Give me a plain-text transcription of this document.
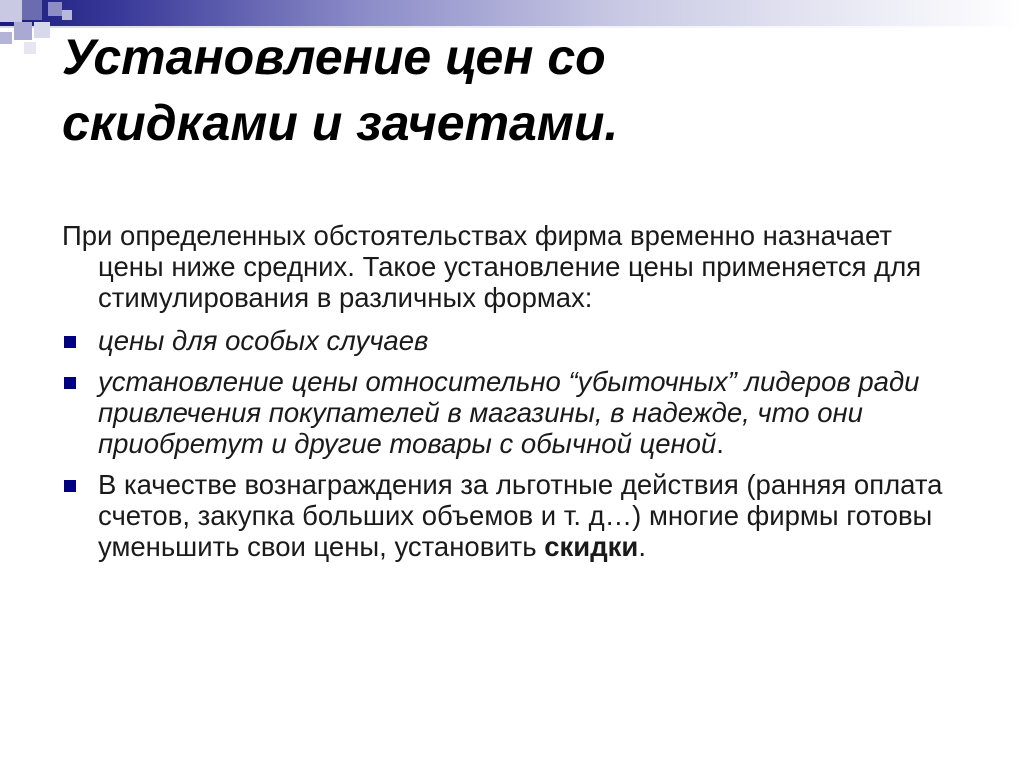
Установление цен со
скидками и зачетами.

При определенных обстоятельствах фирма временно назначает цены ниже средних. Такое установление цены применяется для стимулирования в различных формах:

цены для особых случаев
установление цены относительно “убыточных” лидеров ради привлечения покупателей в магазины, в надежде, что они приобретут и другие товары с обычной ценой.
В качестве вознаграждения за льготные действия (ранняя оплата счетов, закупка больших объемов и т. д…) многие фирмы готовы уменьшить свои цены, установить скидки.
